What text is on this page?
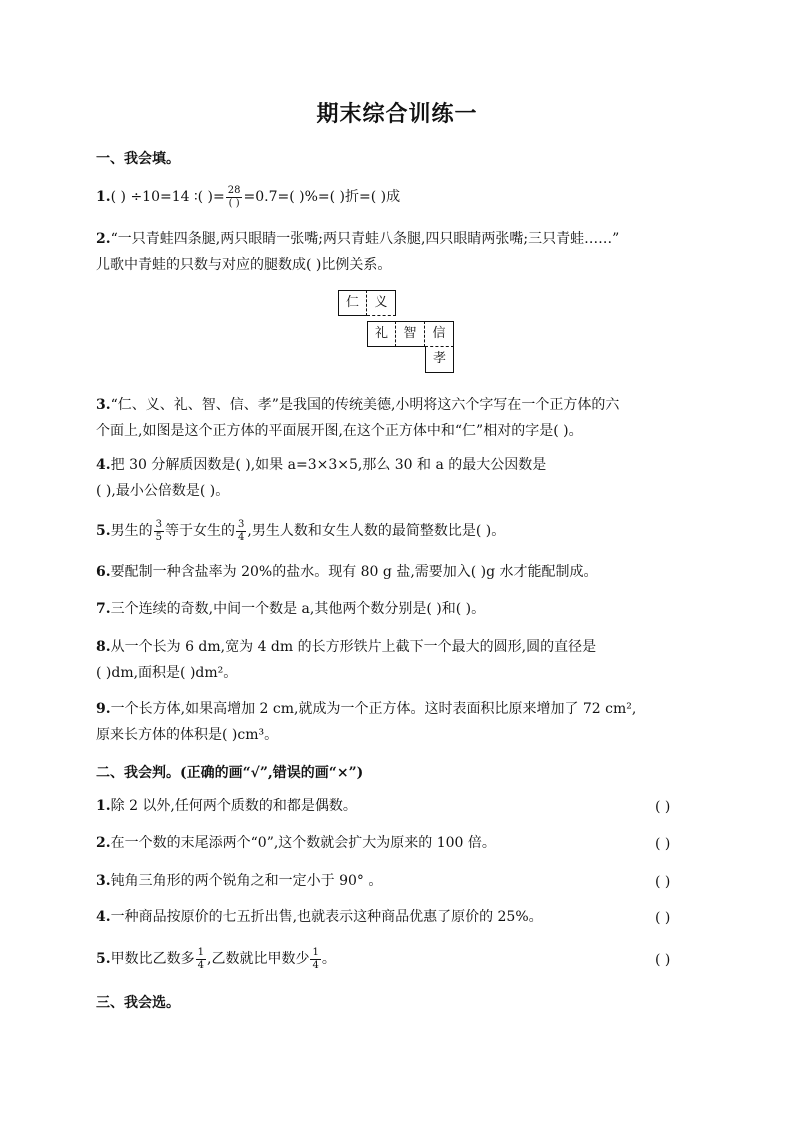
期末综合训练一
一、我会填。
1.( ) ÷10=14 ∶( )= $\frac{28}{( )} =0.7=$( )%=( )折=( )成
2.“一只青蛙四条腿,两只眼睛一张嘴;两只青蛙八条腿,四只眼睛两张嘴;三只青蛙……”
儿歌中青蛙的只数与对应的腿数成( )比例关系。
仁	义
礼	智	信
孝
3.“仁、义、礼、智、信、孝”是我国的传统美德,小明将这六个字写在一个正方体的六
个面上,如图是这个正方体的平面展开图,在这个正方体中和“仁”相对的字是( )。
4.把 30 分解质因数是( ),如果 a=3×3×5,那么 30 和 a 的最大公因数是
( ),最小公倍数是( )。
5.男生的 $\frac{3}{5}$ 等于女生的 $\frac{3}{4}$ ,男生人数和女生人数的最简整数比是( )。
6.要配制一种含盐率为 20%的盐水。现有 80 g 盐,需要加入( )g 水才能配制成。
7.三个连续的奇数,中间一个数是 a,其他两个数分别是( )和( )。
8.从一个长为 6 dm,宽为 4 dm 的长方形铁片上截下一个最大的圆形,圆的直径是
( )dm,面积是( )dm²。
9.一个长方体,如果高增加 2 cm,就成为一个正方体。这时表面积比原来增加了 72 cm²,
原来长方体的体积是( )cm³。
二、我会判。(正确的画“√”,错误的画“×”)
1.除 2 以外,任何两个质数的和都是偶数。	( )
2.在一个数的末尾添两个“0”,这个数就会扩大为原来的 100 倍。	( )
3.钝角三角形的两个锐角之和一定小于 90° 。	( )
4.一种商品按原价的七五折出售,也就表示这种商品优惠了原价的 25%。	( )
5.甲数比乙数多 $\frac{1}{4}$ ,乙数就比甲数少 $\frac{1}{4}$ 。	( )
三、我会选。
